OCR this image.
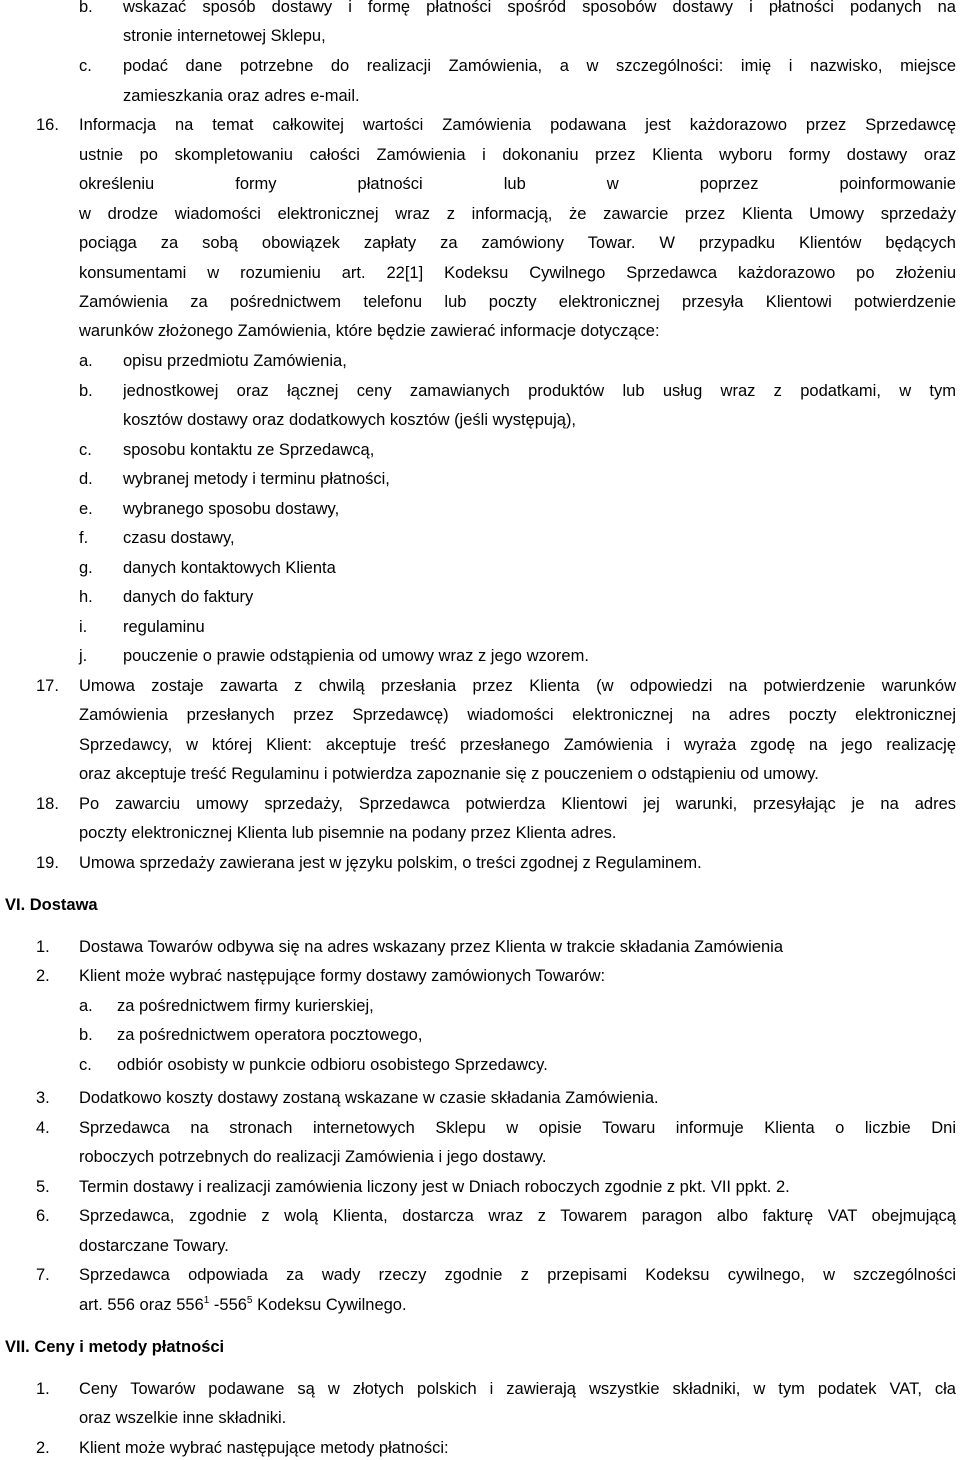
b. wskazać sposób dostawy i formę płatności spośród sposobów dostawy i płatności podanych na
stronie internetowej Sklepu,
c. podać dane potrzebne do realizacji Zamówienia, a w szczególności: imię i nazwisko, miejsce
zamieszkania oraz adres e-mail.
16. Informacja na temat całkowitej wartości Zamówienia podawana jest każdorazowo przez Sprzedawcę
ustnie po skompletowaniu całości Zamówienia i dokonaniu przez Klienta wyboru formy dostawy oraz
określeniu formy płatności lub w poprzez poinformowanie
w drodze wiadomości elektronicznej wraz z informacją, że zawarcie przez Klienta Umowy sprzedaży
pociąga za sobą obowiązek zapłaty za zamówiony Towar. W przypadku Klientów będących
konsumentami w rozumieniu art. 22[1] Kodeksu Cywilnego Sprzedawca każdorazowo po złożeniu
Zamówienia za pośrednictwem telefonu lub poczty elektronicznej przesyła Klientowi potwierdzenie
warunków złożonego Zamówienia, które będzie zawierać informacje dotyczące:
a. opisu przedmiotu Zamówienia,
b. jednostkowej oraz łącznej ceny zamawianych produktów lub usług wraz z podatkami, w tym
kosztów dostawy oraz dodatkowych kosztów (jeśli występują),
c. sposobu kontaktu ze Sprzedawcą,
d. wybranej metody i terminu płatności,
e. wybranego sposobu dostawy,
f. czasu dostawy,
g. danych kontaktowych Klienta
h. danych do faktury
i. regulaminu
j. pouczenie o prawie odstąpienia od umowy wraz z jego wzorem.
17. Umowa zostaje zawarta z chwilą przesłania przez Klienta (w odpowiedzi na potwierdzenie warunków
Zamówienia przesłanych przez Sprzedawcę) wiadomości elektronicznej na adres poczty elektronicznej
Sprzedawcy, w której Klient: akceptuje treść przesłanego Zamówienia i wyraża zgodę na jego realizację
oraz akceptuje treść Regulaminu i potwierdza zapoznanie się z pouczeniem o odstąpieniu od umowy.
18. Po zawarciu umowy sprzedaży, Sprzedawca potwierdza Klientowi jej warunki, przesyłając je na adres
poczty elektronicznej Klienta lub pisemnie na podany przez Klienta adres.
19. Umowa sprzedaży zawierana jest w języku polskim, o treści zgodnej z Regulaminem.
VI. Dostawa
1. Dostawa Towarów odbywa się na adres wskazany przez Klienta w trakcie składania Zamówienia
2. Klient może wybrać następujące formy dostawy zamówionych Towarów:
a. za pośrednictwem firmy kurierskiej,
b. za pośrednictwem operatora pocztowego,
c. odbiór osobisty w punkcie odbioru osobistego Sprzedawcy.
3. Dodatkowo koszty dostawy zostaną wskazane w czasie składania Zamówienia.
4. Sprzedawca na stronach internetowych Sklepu w opisie Towaru informuje Klienta o liczbie Dni
roboczych potrzebnych do realizacji Zamówienia i jego dostawy.
5. Termin dostawy i realizacji zamówienia liczony jest w Dniach roboczych zgodnie z pkt. VII ppkt. 2.
6. Sprzedawca, zgodnie z wolą Klienta, dostarcza wraz z Towarem paragon albo fakturę VAT obejmującą
dostarczane Towary.
7. Sprzedawca odpowiada za wady rzeczy zgodnie z przepisami Kodeksu cywilnego, w szczególności
art. 556 oraz $556^1$ $-556^5$ Kodeksu Cywilnego.
VII. Ceny i metody płatności
1. Ceny Towarów podawane są w złotych polskich i zawierają wszystkie składniki, w tym podatek VAT, cła
oraz wszelkie inne składniki.
2. Klient może wybrać następujące metody płatności:
